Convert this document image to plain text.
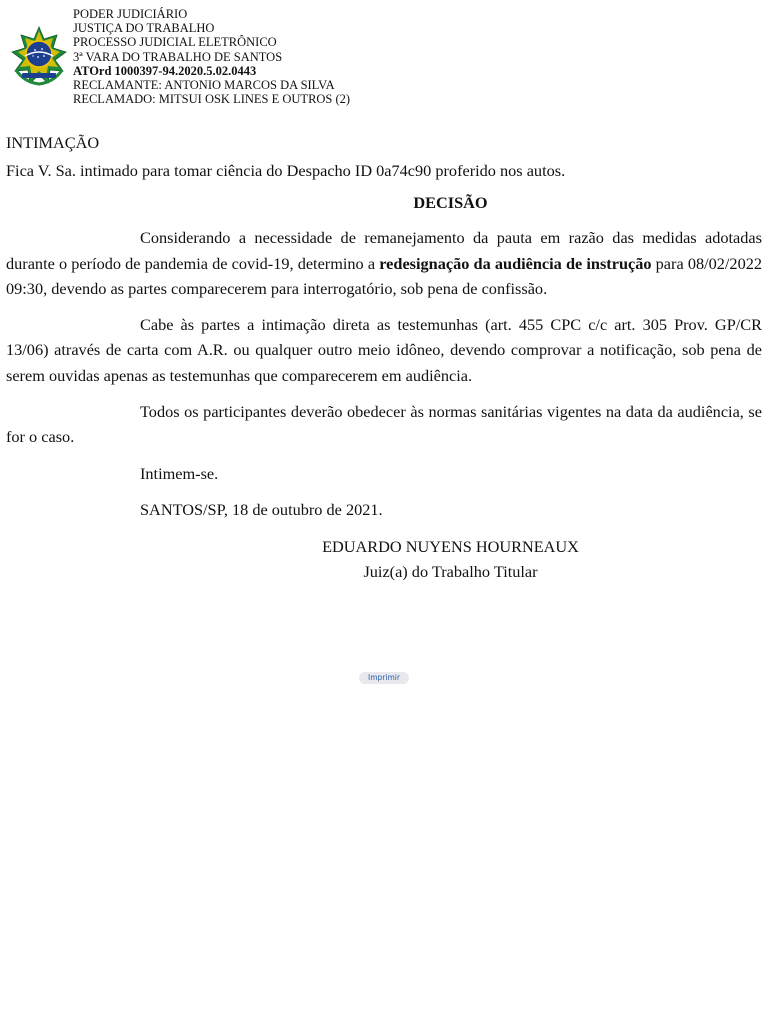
PODER JUDICIÁRIO
JUSTIÇA DO TRABALHO
PROCESSO JUDICIAL ELETRÔNICO
3ª VARA DO TRABALHO DE SANTOS
ATOrd 1000397-94.2020.5.02.0443
RECLAMANTE: ANTONIO MARCOS DA SILVA
RECLAMADO: MITSUI OSK LINES E OUTROS (2)
INTIMAÇÃO
Fica V. Sa. intimado para tomar ciência do Despacho ID 0a74c90 proferido nos autos.
DECISÃO

Considerando a necessidade de remanejamento da pauta em razão das medidas adotadas durante o período de pandemia de covid-19, determino a redesignação da audiência de instrução para 08/02/2022 09:30, devendo as partes comparecerem para interrogatório, sob pena de confissão.

Cabe às partes a intimação direta as testemunhas (art. 455 CPC c/c art. 305 Prov. GP/CR 13/06) através de carta com A.R. ou qualquer outro meio idôneo, devendo comprovar a notificação, sob pena de serem ouvidas apenas as testemunhas que comparecerem em audiência.

Todos os participantes deverão obedecer às normas sanitárias vigentes na data da audiência, se for o caso.

Intimem-se.
SANTOS/SP, 18 de outubro de 2021.
EDUARDO NUYENS HOURNEAUX
Juiz(a) do Trabalho Titular
Imprimir
